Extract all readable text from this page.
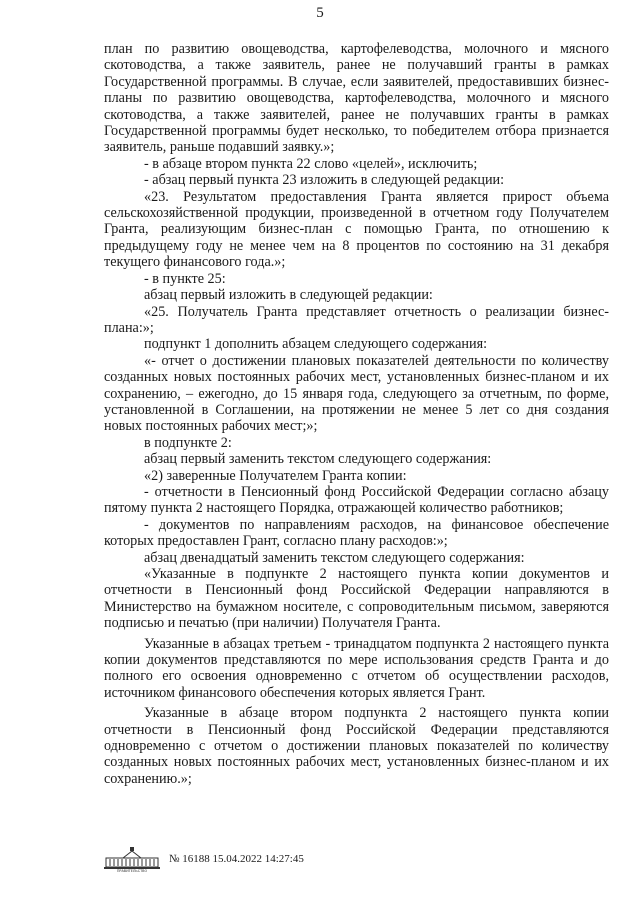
5

план по развитию овощеводства, картофелеводства, молочного и мясного скотоводства, а также заявитель, ранее не получавший гранты в рамках Государственной программы. В случае, если заявителей, предоставивших бизнес-планы по развитию овощеводства, картофелеводства, молочного и мясного скотоводства, а также заявителей, ранее не получавших гранты в рамках Государственной программы будет несколько, то победителем отбора признается заявитель, раньше подавший заявку.»;

- в абзаце втором пункта 22 слово «целей», исключить;

- абзац первый пункта 23 изложить в следующей редакции:

«23. Результатом предоставления Гранта является прирост объема сельскохозяйственной продукции, произведенной в отчетном году Получателем Гранта, реализующим бизнес-план с помощью Гранта, по отношению к предыдущему году не менее чем на 8 процентов по состоянию на 31 декабря текущего финансового года.»;

- в пункте 25:

абзац первый изложить в следующей редакции:

«25. Получатель Гранта представляет отчетность о реализации бизнес-плана:»;

подпункт 1 дополнить абзацем следующего содержания:

«- отчет о достижении плановых показателей деятельности по количеству созданных новых постоянных рабочих мест, установленных бизнес-планом и их сохранению, – ежегодно, до 15 января года, следующего за отчетным, по форме, установленной в Соглашении, на протяжении не менее 5 лет со дня создания новых постоянных рабочих мест;»;

в подпункте 2:

абзац первый заменить текстом следующего содержания:

«2) заверенные Получателем Гранта копии:

- отчетности в Пенсионный фонд Российской Федерации согласно абзацу пятому пункта 2 настоящего Порядка, отражающей количество работников;

- документов по направлениям расходов, на финансовое обеспечение которых предоставлен Грант, согласно плану расходов:»;

абзац двенадцатый заменить текстом следующего содержания:

«Указанные в подпункте 2 настоящего пункта копии документов и отчетности в Пенсионный фонд Российской Федерации направляются в Министерство на бумажном носителе, с сопроводительным письмом, заверяются подписью и печатью (при наличии) Получателя Гранта.

Указанные в абзацах третьем - тринадцатом подпункта 2 настоящего пункта копии документов представляются по мере использования средств Гранта и до полного его освоения одновременно с отчетом об осуществлении расходов, источником финансового обеспечения которых является Грант.

Указанные в абзаце втором подпункта 2 настоящего пункта копии отчетности в Пенсионный фонд Российской Федерации представляются одновременно с отчетом о достижении плановых показателей по количеству созданных новых постоянных рабочих мест, установленных бизнес-планом и их сохранению.»;

ПРАВИТЕЛЬСТВО
№ 16188 15.04.2022 14:27:45
